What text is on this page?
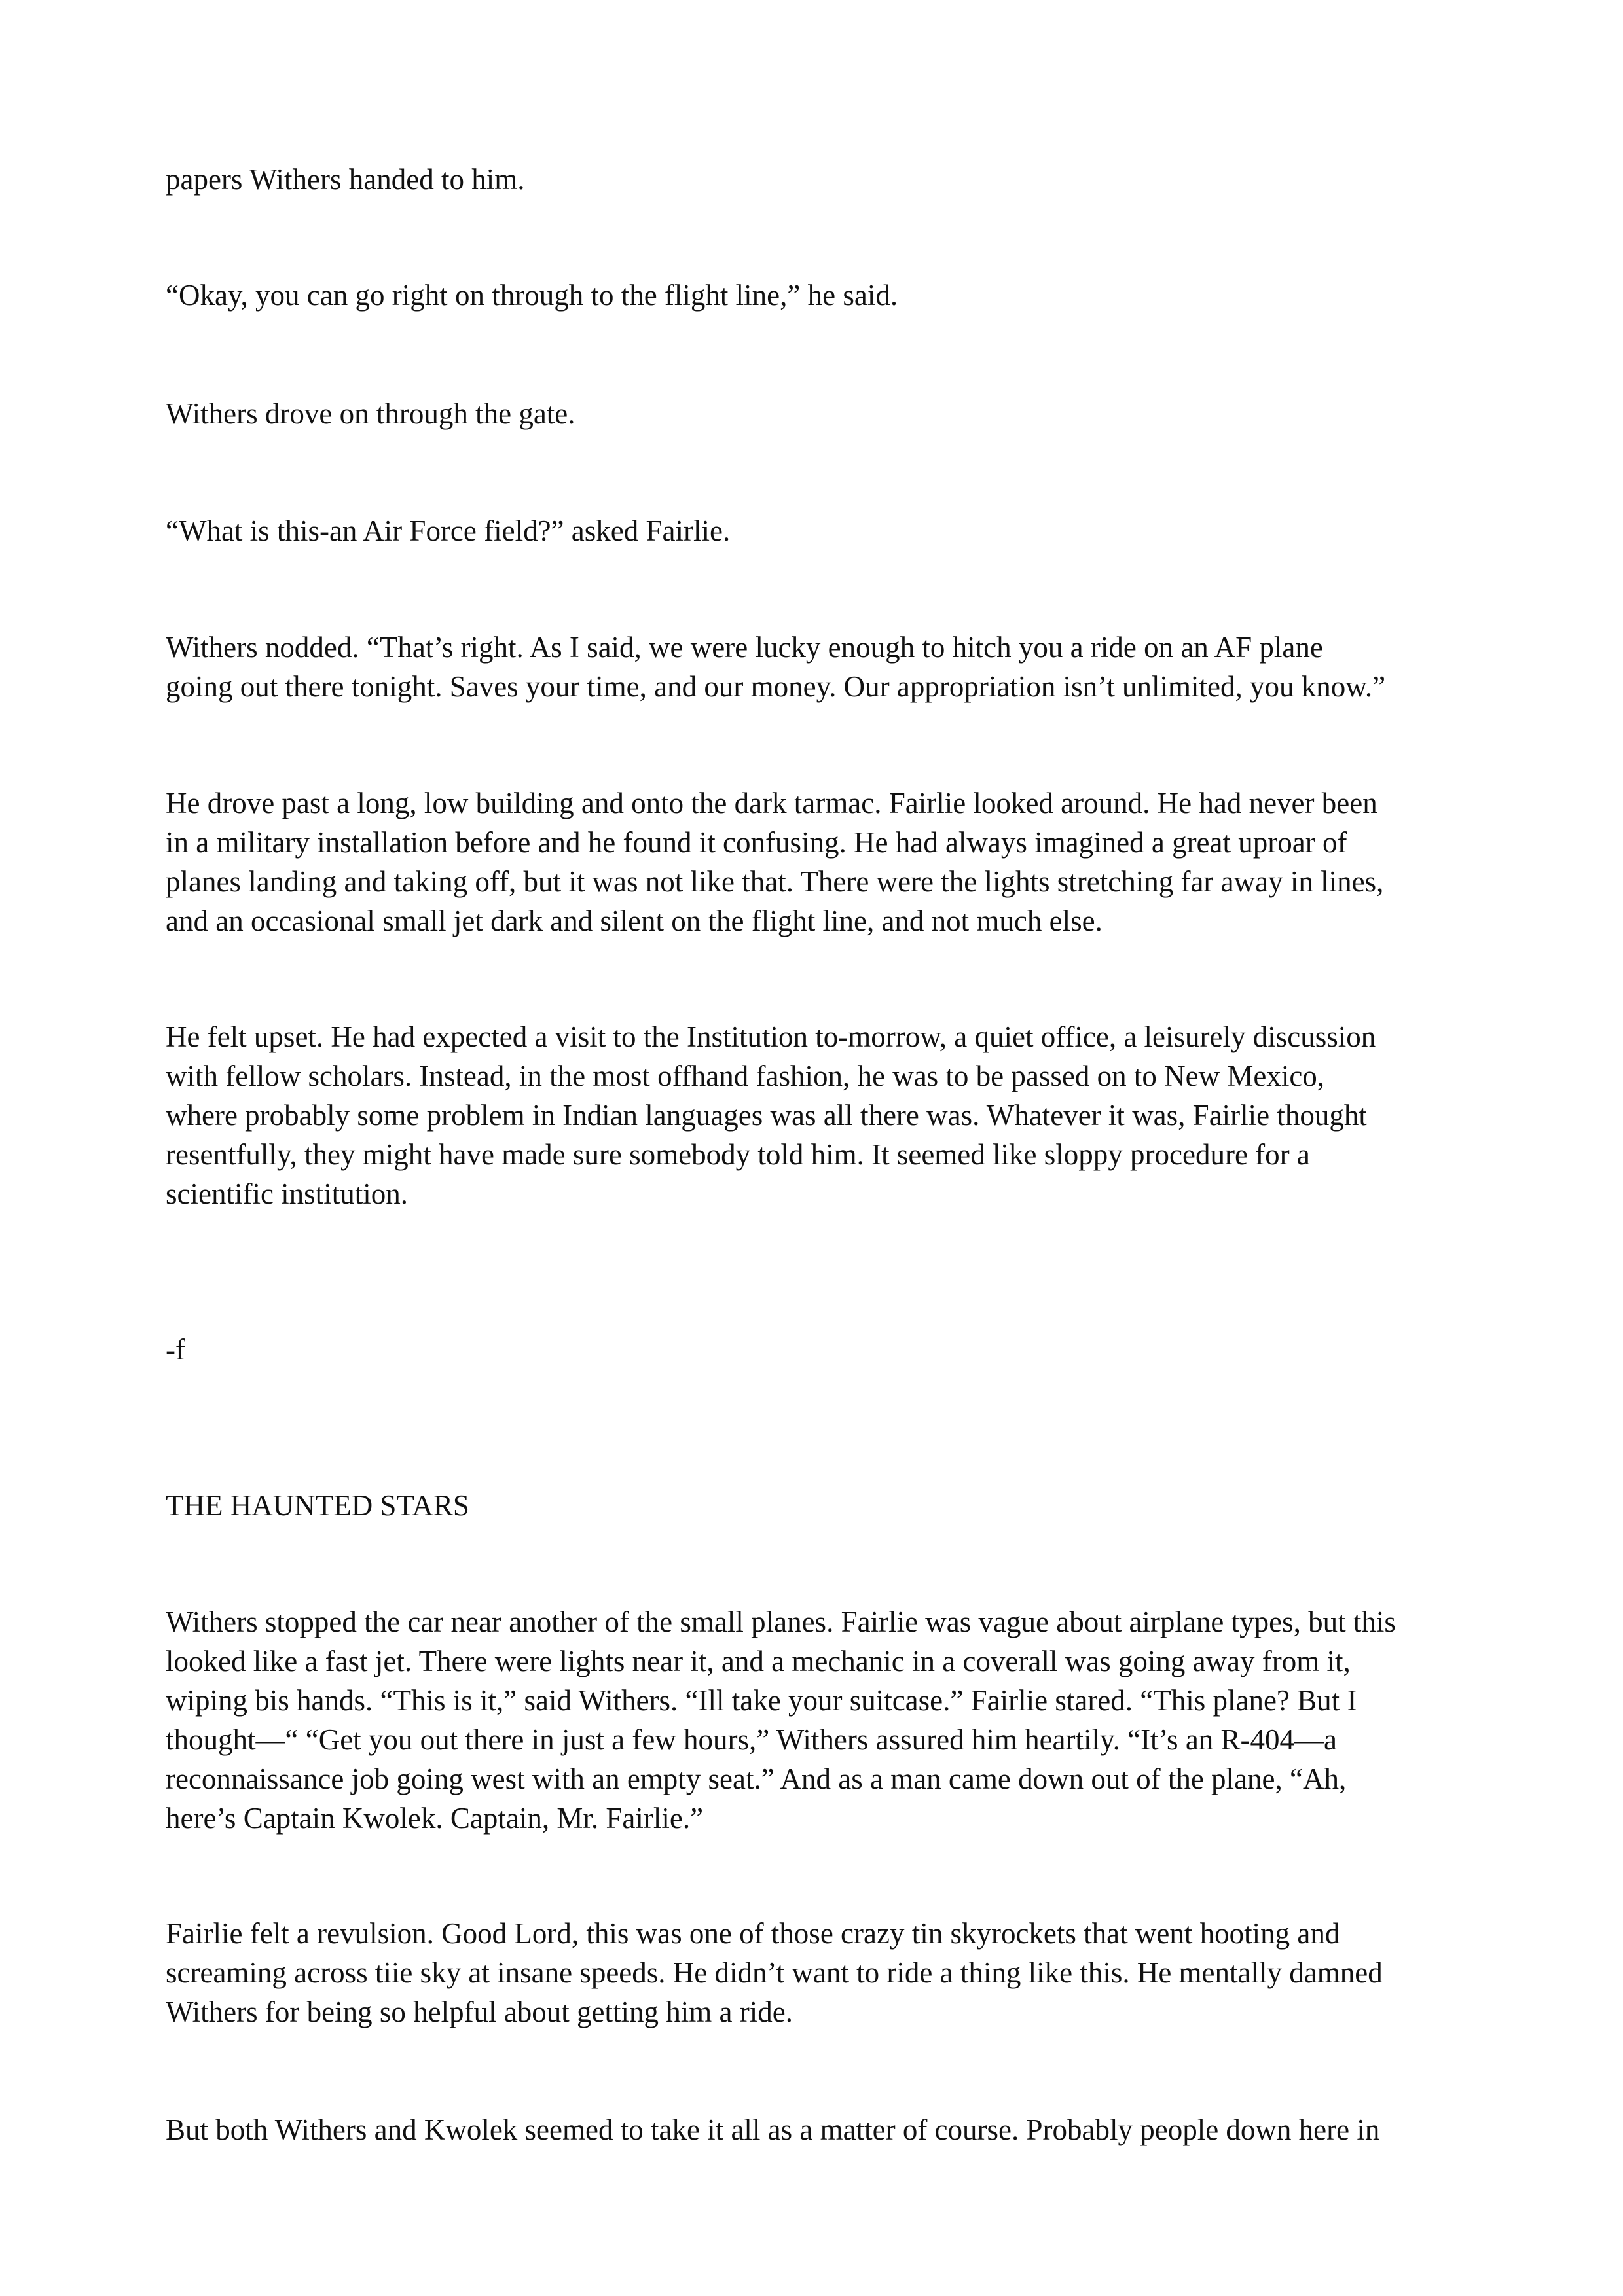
papers Withers handed to him.

“Okay, you can go right on through to the flight line,” he said.

Withers drove on through the gate.

“What is this-an Air Force field?” asked Fairlie.

Withers nodded. “That’s right. As I said, we were lucky enough to hitch you a ride on an AF plane
going out there tonight. Saves your time, and our money. Our appropriation isn’t unlimited, you know.”

He drove past a long, low building and onto the dark tarmac. Fairlie looked around. He had never been
in a military installation before and he found it confusing. He had always imagined a great uproar of
planes landing and taking off, but it was not like that. There were the lights stretching far away in lines,
and an occasional small jet dark and silent on the flight line, and not much else.

He felt upset. He had expected a visit to the Institution to-morrow, a quiet office, a leisurely discussion
with fellow scholars. Instead, in the most offhand fashion, he was to be passed on to New Mexico,
where probably some problem in Indian languages was all there was. Whatever it was, Fairlie thought
resentfully, they might have made sure somebody told him. It seemed like sloppy procedure for a
scientific institution.

-f

THE HAUNTED STARS

Withers stopped the car near another of the small planes. Fairlie was vague about airplane types, but this
looked like a fast jet. There were lights near it, and a mechanic in a coverall was going away from it,
wiping bis hands. “This is it,” said Withers. “Ill take your suitcase.” Fairlie stared. “This plane? But I
thought—“ “Get you out there in just a few hours,” Withers assured him heartily. “It’s an R-404—a
reconnaissance job going west with an empty seat.” And as a man came down out of the plane, “Ah,
here’s Captain Kwolek. Captain, Mr. Fairlie.”

Fairlie felt a revulsion. Good Lord, this was one of those crazy tin skyrockets that went hooting and
screaming across tiie sky at insane speeds. He didn’t want to ride a thing like this. He mentally damned
Withers for being so helpful about getting him a ride.

But both Withers and Kwolek seemed to take it all as a matter of course. Probably people down here in
